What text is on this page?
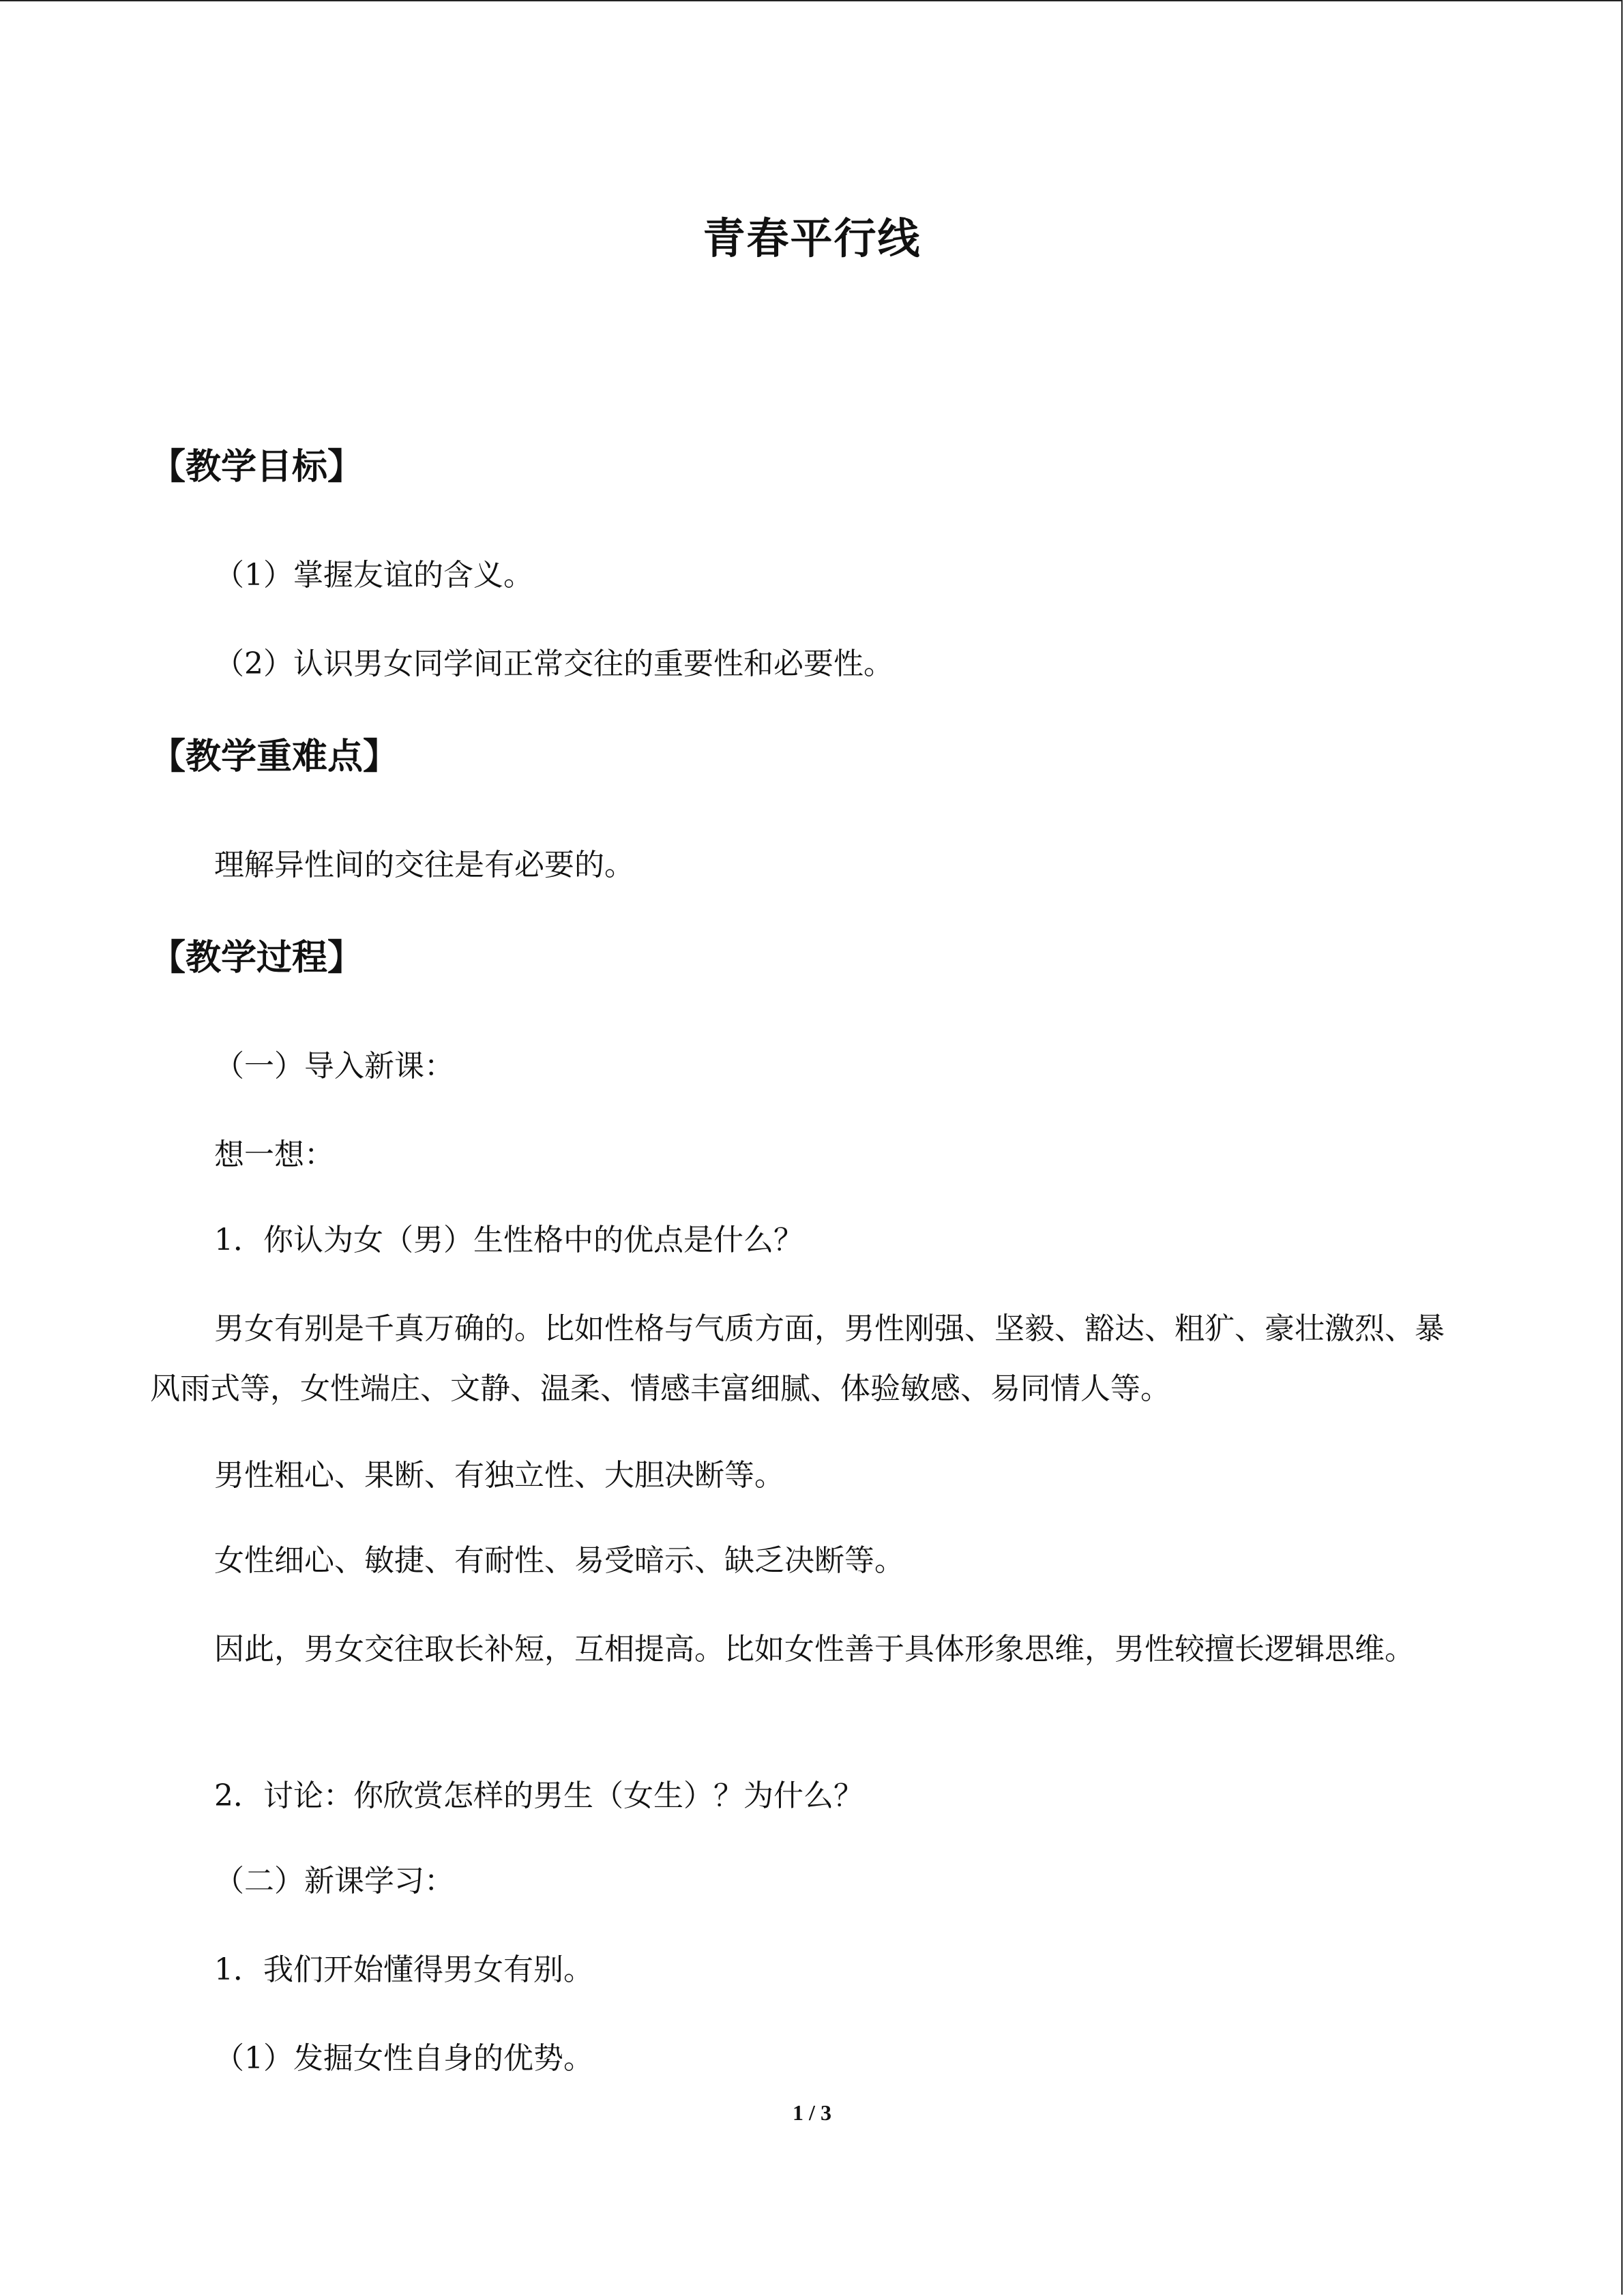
青春平行线
【教学目标】
（1）掌握友谊的含义。
（2）认识男女同学间正常交往的重要性和必要性。
【教学重难点】
理解异性间的交往是有必要的。
【教学过程】
（一）导入新课：
想一想：
1．你认为女（男）生性格中的优点是什么？
男女有别是千真万确的。比如性格与气质方面，男性刚强、坚毅、豁达、粗犷、豪壮激烈、暴风雨式等，女性端庄、文静、温柔、情感丰富细腻、体验敏感、易同情人等。
男性粗心、果断、有独立性、大胆决断等。
女性细心、敏捷、有耐性、易受暗示、缺乏决断等。
因此，男女交往取长补短，互相提高。比如女性善于具体形象思维，男性较擅长逻辑思维。
2．讨论：你欣赏怎样的男生（女生）？为什么？
（二）新课学习：
1．我们开始懂得男女有别。
（1）发掘女性自身的优势。
1 / 3
